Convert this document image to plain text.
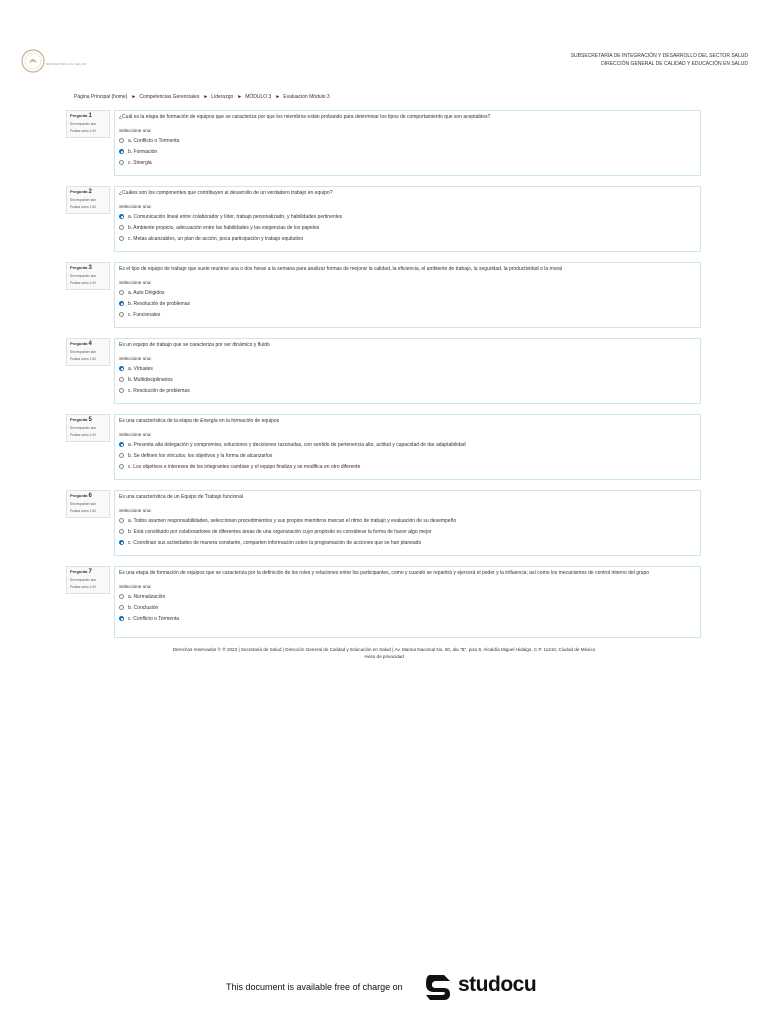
SECRETARÍA DE SALUD
SUBSECRETARÍA DE INTEGRACIÓN Y DESARROLLO DEL SECTOR SALUD
DIRECCIÓN GENERAL DE CALIDAD Y EDUCACIÓN EN SALUD
Página Principal (home) ► Competencias Gerenciales ► Liderazgo ► MÓDULO 3 ► Evaluación Módulo 3
Pregunta 1
Sin responder aún
Puntúa como 1.00
¿Cuál es la etapa de formación de equipos que se caracteriza por que los miembros están probando para determinar los tipos de comportamiento que son aceptables?
Seleccione una:
a. Conflicto o Tormenta
b. Formación
c. Sinergia
Pregunta 2
Sin responder aún
Puntúa como 1.00
¿Cuáles son los componentes que contribuyen al desarrollo de un verdadero trabajo en equipo?
Seleccione una:
a. Comunicación lineal entre colaborador y líder, trabajo personalizado, y habilidades pertinentes
b. Ambiente propicio, adecuación entre las habilidades y las exigencias de los papeles
c. Metas alcanzables, un plan de acción, poca participación y trabajo equitativo
Pregunta 3
Sin responder aún
Puntúa como 1.00
Es el tipo de equipo de trabajo que suele reunirse una o dos horas a la semana para analizar formas de mejorar la calidad, la eficiencia, el ambiente de trabajo, la seguridad, la productividad o la moral
Seleccione una:
a. Auto Dirigidos
b. Resolución de problemas
c. Funcionales
Pregunta 4
Sin responder aún
Puntúa como 1.00
Es un equipo de trabajo que se caracteriza por ser dinámico y fluido
Seleccione una:
a. Virtuales
b. Multidisciplinarios
c. Resolución de problemas
Pregunta 5
Sin responder aún
Puntúa como 1.00
Es una característica de la etapa de Energía en la formación de equipos
Seleccione una:
a. Presenta alta delegación y compromiso, soluciones y decisiones razonadas, con sentido de pertenencia alto, actitud y capacidad de dar adaptabilidad
b. Se definen los vínculos, los objetivos y la forma de alcanzarlos
c. Los objetivos e intereses de los integrantes cambian y el equipo finaliza y se modifica en otro diferente
Pregunta 6
Sin responder aún
Puntúa como 1.00
Es una característica de un Equipo de Trabajo funcional
Seleccione una:
a. Todos asumen responsabilidades, seleccionan procedimientos y sus propios miembros marcan el ritmo de trabajo y evaluación de su desempeño
b. Está constituido por colaboradores de diferentes áreas de una organización cuyo propósito es considerar la forma de hacer algo mejor
c. Coordinan sus actividades de manera constante, comparten información sobre la programación de acciones que se han planeado
Pregunta 7
Sin responder aún
Puntúa como 1.00
Es una etapa de formación de equipos que se caracteriza por la definición de los roles y relaciones entre los participantes, como y cuando se repartirá y ejercerá el poder y la influencia; así como los mecanismos de control interno del grupo
Seleccione una:
a. Normalización
b. Conclusión
c. Conflicto o Tormenta
Derechos reservados © ® 2023 | Secretaría de Salud | Dirección General de Calidad y Educación en Salud | Av. Marina Nacional No. 60, ala "B", piso 8, Alcaldía Miguel Hidalgo, C.P. 11410, Ciudad de México
Aviso de privacidad
This document is available free of charge on	studocu
